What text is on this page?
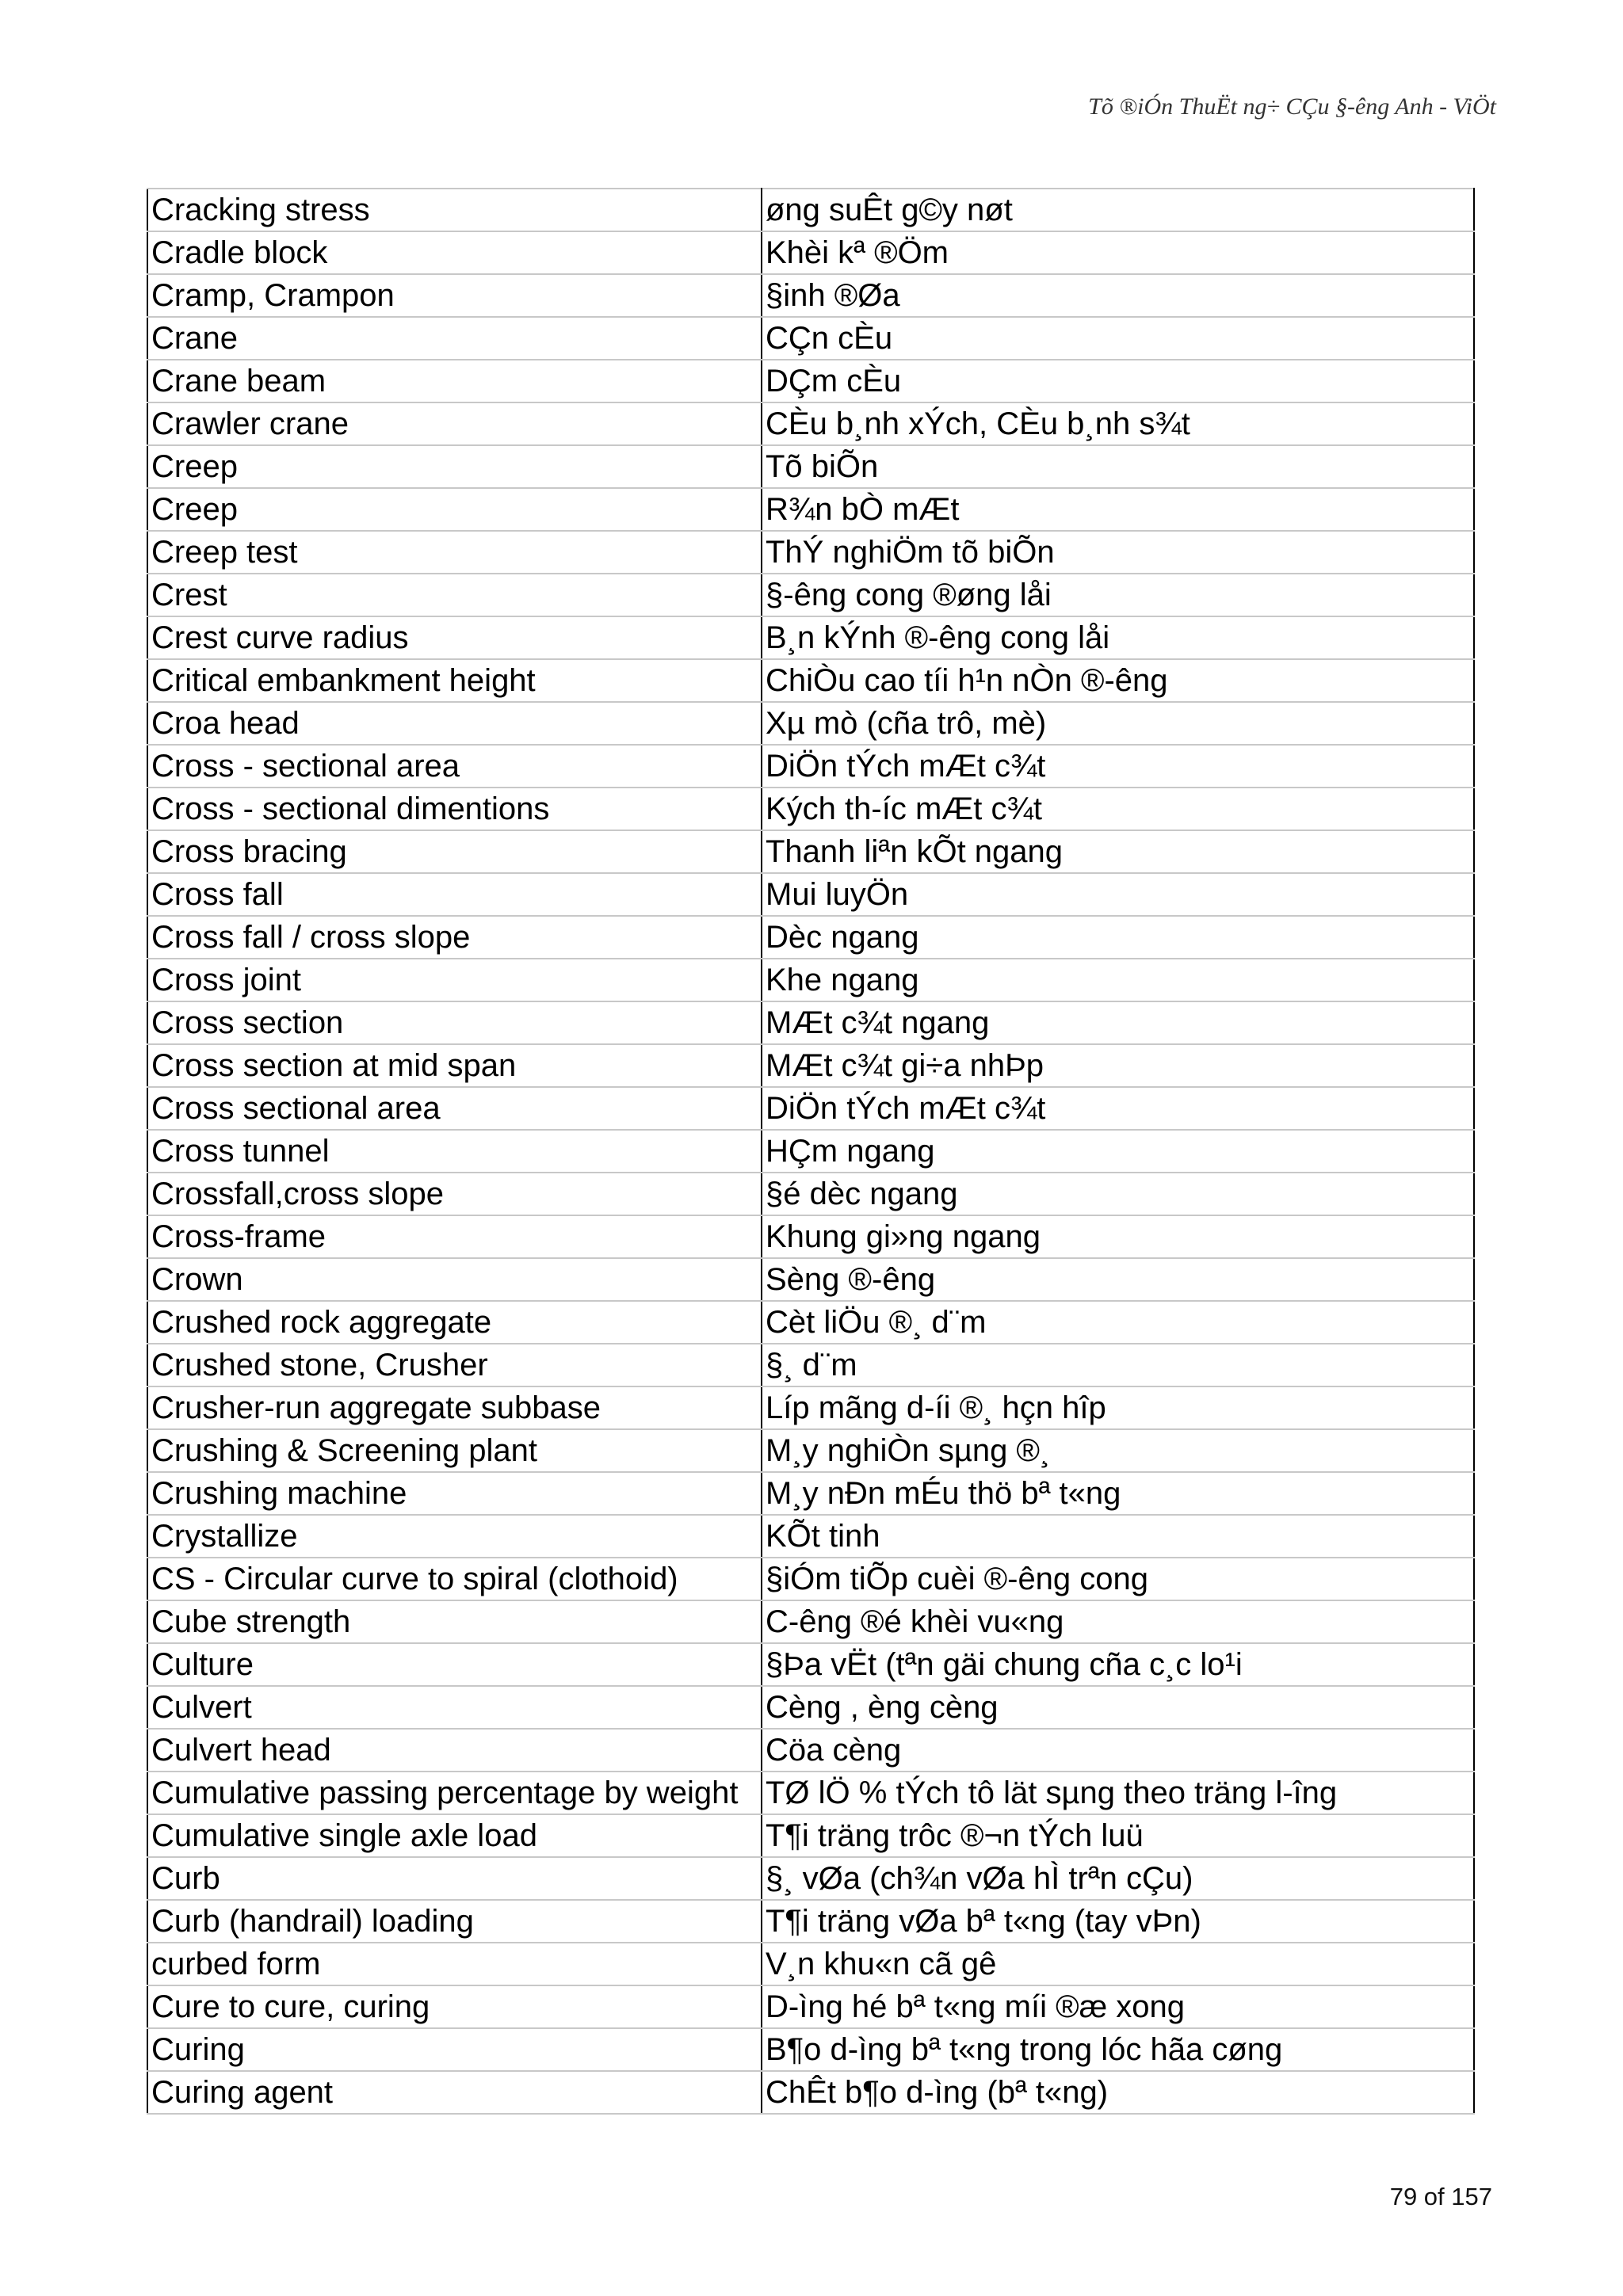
Tõ ®iÓn ThuËt ng÷ CÇu §-êng Anh - ViÖt
Cracking stress	øng suÊt g©y nøt
Cradle block	Khèi kª ®Öm
Cramp, Crampon	§inh ®Øa
Crane	CÇn cÈu
Crane beam	DÇm cÈu
Crawler crane	CÈu b¸nh xÝch, CÈu b¸nh s¾t
Creep	Tõ biÕn
Creep	R¾n bÒ mÆt
Creep test	ThÝ nghiÖm tõ biÕn
Crest	§-êng cong ®øng låi
Crest curve radius	B¸n kÝnh ®-êng cong låi
Critical embankment height	ChiÒu cao tíi h¹n nÒn ®-êng
Croa head	Xµ mò (cña trô, mè)
Cross - sectional area	DiÖn tÝch mÆt c¾t
Cross - sectional dimentions	Kých th-íc mÆt c¾t
Cross bracing	Thanh liªn kÕt ngang
Cross fall	Mui luyÖn
Cross fall / cross slope	Dèc ngang
Cross joint	Khe ngang
Cross section	MÆt c¾t ngang
Cross section at mid span	MÆt c¾t gi÷a nhÞp
Cross sectional area	DiÖn tÝch mÆt c¾t
Cross tunnel	HÇm ngang
Crossfall,cross slope	§é dèc ngang
Cross-frame	Khung gi»ng ngang
Crown	Sèng ®-êng
Crushed rock aggregate	Cèt liÖu ®¸ d¨m
Crushed stone, Crusher	§¸ d¨m
Crusher-run aggregate subbase	Líp mãng d-íi ®¸ hçn hîp
Crushing & Screening plant	M¸y nghiÒn sµng ®¸
Crushing machine	M¸y nÐn mÉu thö bª t«ng
Crystallize	KÕt tinh
CS - Circular curve to spiral (clothoid)	§iÓm tiÕp cuèi ®-êng cong
Cube strength	C-êng ®é khèi vu«ng
Culture	§Þa vËt (tªn gäi chung cña c¸c lo¹i
Culvert	Cèng , èng cèng
Culvert head	Cöa cèng
Cumulative passing percentage by weight	TØ lÖ % tÝch tô lät sµng theo träng l-îng
Cumulative single axle load	T¶i träng trôc ®¬n tÝch luü
Curb	§¸ vØa (ch¾n vØa hÌ trªn cÇu)
Curb (handrail) loading	T¶i träng vØa bª t«ng (tay vÞn)
curbed form	V¸n khu«n cã gê
Cure to cure, curing	D-ìng hé bª t«ng míi ®æ xong
Curing	B¶o d-ìng bª t«ng trong lóc hãa cøng
Curing agent	ChÊt b¶o d-ìng (bª t«ng)
79 of 157
